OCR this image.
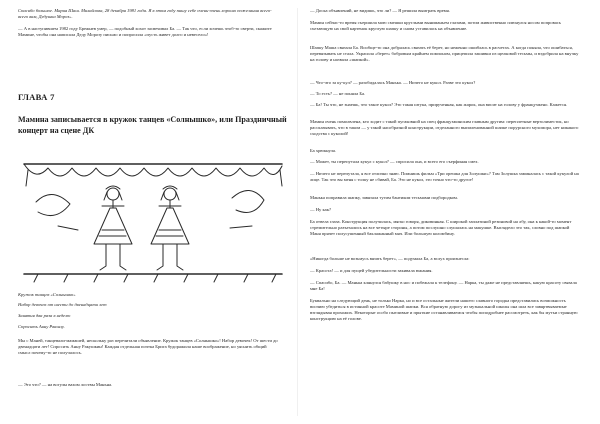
Спасибо большое. Мария Шаш. Михайлова, 28 декабря 1981 года. Я в этом году пишу себе очень-очень хорошо пожелания всего-всего вам, Дедушка Мороз».

— А в наступившем 1982 году Брежнев умер, — подобный хохот засвечивал Ба. — Так что, если хочешь чтоб-то сверти, скажите Мамине, чтобы она написала Деду Морозу письмо и попросила «пусть живет долго и невесело»!

ГЛАВА 7
Мамина записывается в кружок танцев «Солнышко», или Праздничный концерт на сцене ДК

Кружок танцев «Солнышко»

Набор девочек от шести до двенадцати лет

Занятия два раза в неделю

Спросить Анну Рвашлу.

Мы с Маней, танцевали-мамашей, нескольку раз перечитали объявление. Кружок танцев «Солнышко»! Набор девочек! От шести до двенадцати лет! Спросить Анну Ракушкин! Каждая отдельная почтка Брига будоражила наше воображение, но уяснить общий смысл почему-то не получалось.

— Это что? — на вогулы вахом лоствы Маньна.

— Доска объявлений, не видишь, что ли? — Я решила выиграть время.

Мамин сейчас-то время съершила мою смешки круглыми выниманьем глазами, потом живиственно плюнулся носом попровась съезающую на свой картенок круглую шапку и снова уставилась на объявление.

Шапку Маша связала Ба. Вообще-то она добралась связать её берет, но неженно ошиблась в расчетах. А когда поняла, что ошибаться, перевязывать не стала. Украсила «берет» бобровым крайнем помпоном, прицепила зашивки из щелковой тесьмы, и вздобрила на внучку на голову и назвала «шапкой».

— Что-что за ку-кул? — разобидалась Манька. — Ничего не кукол. Разве это кукол?

— То есть? — не поняла Ба.

— Ба! Ты что, не знаешь, что такое кукол? Это такая штука, прирученная, как жарок, она висит на голову у французжено. Кажется.

Мамин очень помолвлена, кто ходит с такой пугаковной на спец французжинским главным другим: переплетные вертолиместок, но рассказывать, что в таком — у такой насобразной конструкции, отделанного выпиленованной шапке порурсного мухомора, нет никакого сходства с куколой!

Ба хрюкнула.

— Может, ты перепутала кукул с кукол? — спросила она, и всего его съерфиная смех.

— Ничего не перепутала, я все отлично знаю. Помнишь фильм «Три орешка для Золушки»? Там Золушка заминалась с такой кукулой на лице. Так что вы меня с толку не сбивай, Ба. Это не кукол, это точно что-то другое!

Манька поправила шапку, завязала тугим бантиком тесьмами подбородком.

— Ну как?

Ба отвела глаза. Конструкция получилась, мягко говоря, диковинная. С широкой заплатиной резиновой на лбу, она к какой-то момент стремительно разъехались на все четыре стороны, а потом послушно слушалась на макушке. Выглядело это так, словно под шапкой Маня прячет полусушенный баклажанный мяч. Или большую коломбину.

«Никогда больше не возьмусь вязать берет», — подумала Ба, а вслух произнесла:

— Красота! — и для пущей убедительности закивала южания.

— Спасибо, Ба. — Манька клянулся бабушку в нос и побежала к телефону. — Нарка, ты даже не представляешь, какую красоту связала мне Ба!

Буквально на следующий день, не только Нарка, но и все остальные жители нашего славного городка представились возможность воочию убедиться в истинной красоте Маминой шапки. Вся обратную дорогу из музыкальной школы она шла все завяртвываемые взглядывая прохожих. Некоторые особо пытливые и прыткие останавливаемся чтобы поподробнее рассмотреть, как бы мутьи странную конструкцию на её голове.
